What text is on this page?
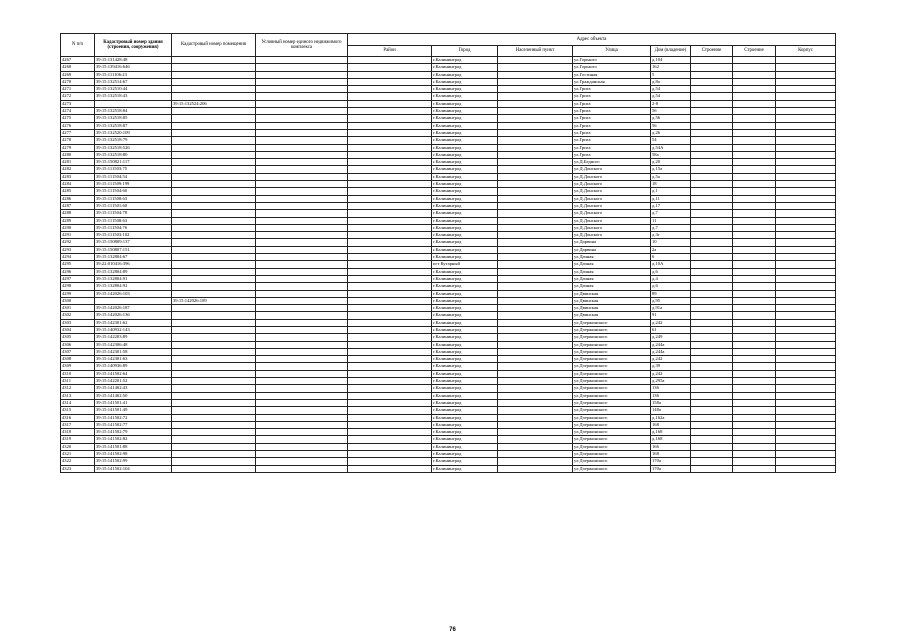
N п/п	Кадастровый номер здания (строения, сооружения)	Кадастровый номер помещения	Условный номер единого недвижимого комплекса	Адрес объекта							
				Район	Город	Населенный пункт	Улица	Дом (владение)	Строение	Строение	Корпус
4267	39:15:131428:48				г.Калининград		ул.Горького	д.104			
4268	39:15:139416:646				г.Калининград		ул.Горького	162			
4269	39:15:111106:23				г.Калининград		ул.Гостиная	5			
4270	39:15:132514:67				г.Калининград		ул.Гражданская	д.8а			
4271	39:15:132510:44				г.Калининград		ул.Грига	д.54			
4272	39:15:132518:43				г.Калининград		ул.Грига	д.54			
4273		39:15:132524:206			г.Калининград		ул.Грига	2-8			
4274	39:15:132518:84				г.Калининград		ул.Грига	56			
4275	39:15:132518:85				г.Калининград		ул.Грига	д.56			
4276	39:15:132518:87				г.Калининград		ул.Грига	56			
4277	39:15:132520:109				г.Калининград		ул.Грига	д.26			
4278	39:15:132518:79				г.Калининград		ул.Грига	54			
4279	39:15:132518:526				г.Калининград		ул.Грига	д.54А			
4280	39:15:132518:80				г.Калининград		ул.Грига	58а			
4281	39:15:150821:117				г.Калининград		ул.Д.Бедного	д.20			
4282	39:15:111503:75				г.Калининград		ул.Д.Донского	д.15а			
4283	39:15:111504:54				г.Калининград		ул.Д.Донского	д.5а			
4284	39:15:111509:199				г.Калининград		ул.Д.Донского	18			
4285	39:15:111504:60				г.Калининград		ул.Д.Донского	д.1			
4286	39:15:111508:63				г.Калининград		ул.Д.Донского	д.11			
4287	39:15:111501:60				г.Калининград		ул.Д.Донского	д.17			
4288	39:15:111504:78				г.Калининград		ул.Д.Донского	д.7			
4289	39:15:111508:63				г.Калининград		ул.Д.Донского	11			
4290	39:15:111504:76				г.Калининград		ул.Д.Донского	д.7			
4291	39:15:111503:102				г.Калининград		ул.Д.Донского	д.3г			
4292	39:15:150809:137				г.Калининград		ул.Дарвина	10			
4293	39:15:150807:151				г.Калининград		ул.Дарвина	2а			
4294	39:15:132804:67				г.Калининград		ул.Дачная	6			
4295	39:22:010416:396				пгт Кутарный		ул.Дачная	д.10А			
4296	39:15:132804:89				г.Калининград		ул.Дачная	д.6			
4297	39:15:132804:91				г.Калининград		ул.Дачная	д.4			
4298	39:15:132804:92				г.Калининград		ул.Дачная	д.6			
4299	39:15:142026:103				г.Калининград		ул.Двинская	89			
4300		39:15:142026:189			г.Калининград		ул.Двинская	д.95			
4301	39:15:142026:187				г.Калининград		ул.Двинская	д.91а			
4302	39:15:142026:136				г.Калининград		ул.Двинская	91			
4303	39:15:142301:62				г.Калининград		ул.Дзержинского	д.242			
4304	39:15:140932:143				г.Калининград		ул.Дзержинского	61			
4305	39:15:142203:89				г.Калининград		ул.Дзержинского	д.249			
4306	39:15:142306:48				г.Калининград		ул.Дзержинского	д.244а			
4307	39:15:142301:58				г.Калининград		ул.Дзержинского	д.244а			
4308	39:15:142301:63				г.Калининград		ул.Дзержинского	д.242			
4309	39:15:140936:89				г.Калининград		ул.Дзержинского	д.39			
4310	39:15:141502:64				г.Калининград		ул.Дзержинского	д.242			
4311	39:15:142201:52				г.Калининград		ул.Дзержинского	д.295а			
4312	39:15:141402:43				г.Калининград		ул.Дзержинского	136			
4313	39:15:141402:50				г.Калининград		ул.Дзержинского	136			
4314	39:15:141501:41				г.Калининград		ул.Дзержинского	158а			
4315	39:15:141501:49				г.Калининград		ул.Дзержинского	148а			
4316	39:15:141502:72				г.Калининград		ул.Дзержинского	д.162а			
4317	39:15:141502:77				г.Калининград		ул.Дзержинского	168			
4318	39:15:141502:79				г.Калининград		ул.Дзержинского	д.168			
4319	39:15:141502:82				г.Калининград		ул.Дзержинского	д.168			
4320	39:15:141501:88				г.Калининград		ул.Дзержинского	166			
4321	39:15:141502:98				г.Калининград		ул.Дзержинского	168			
4322	39:15:141502:99				г.Калининград		ул.Дзержинского	170а			
4323	39:15:141502:104				г.Калининград		ул.Дзержинского	170а			
76
